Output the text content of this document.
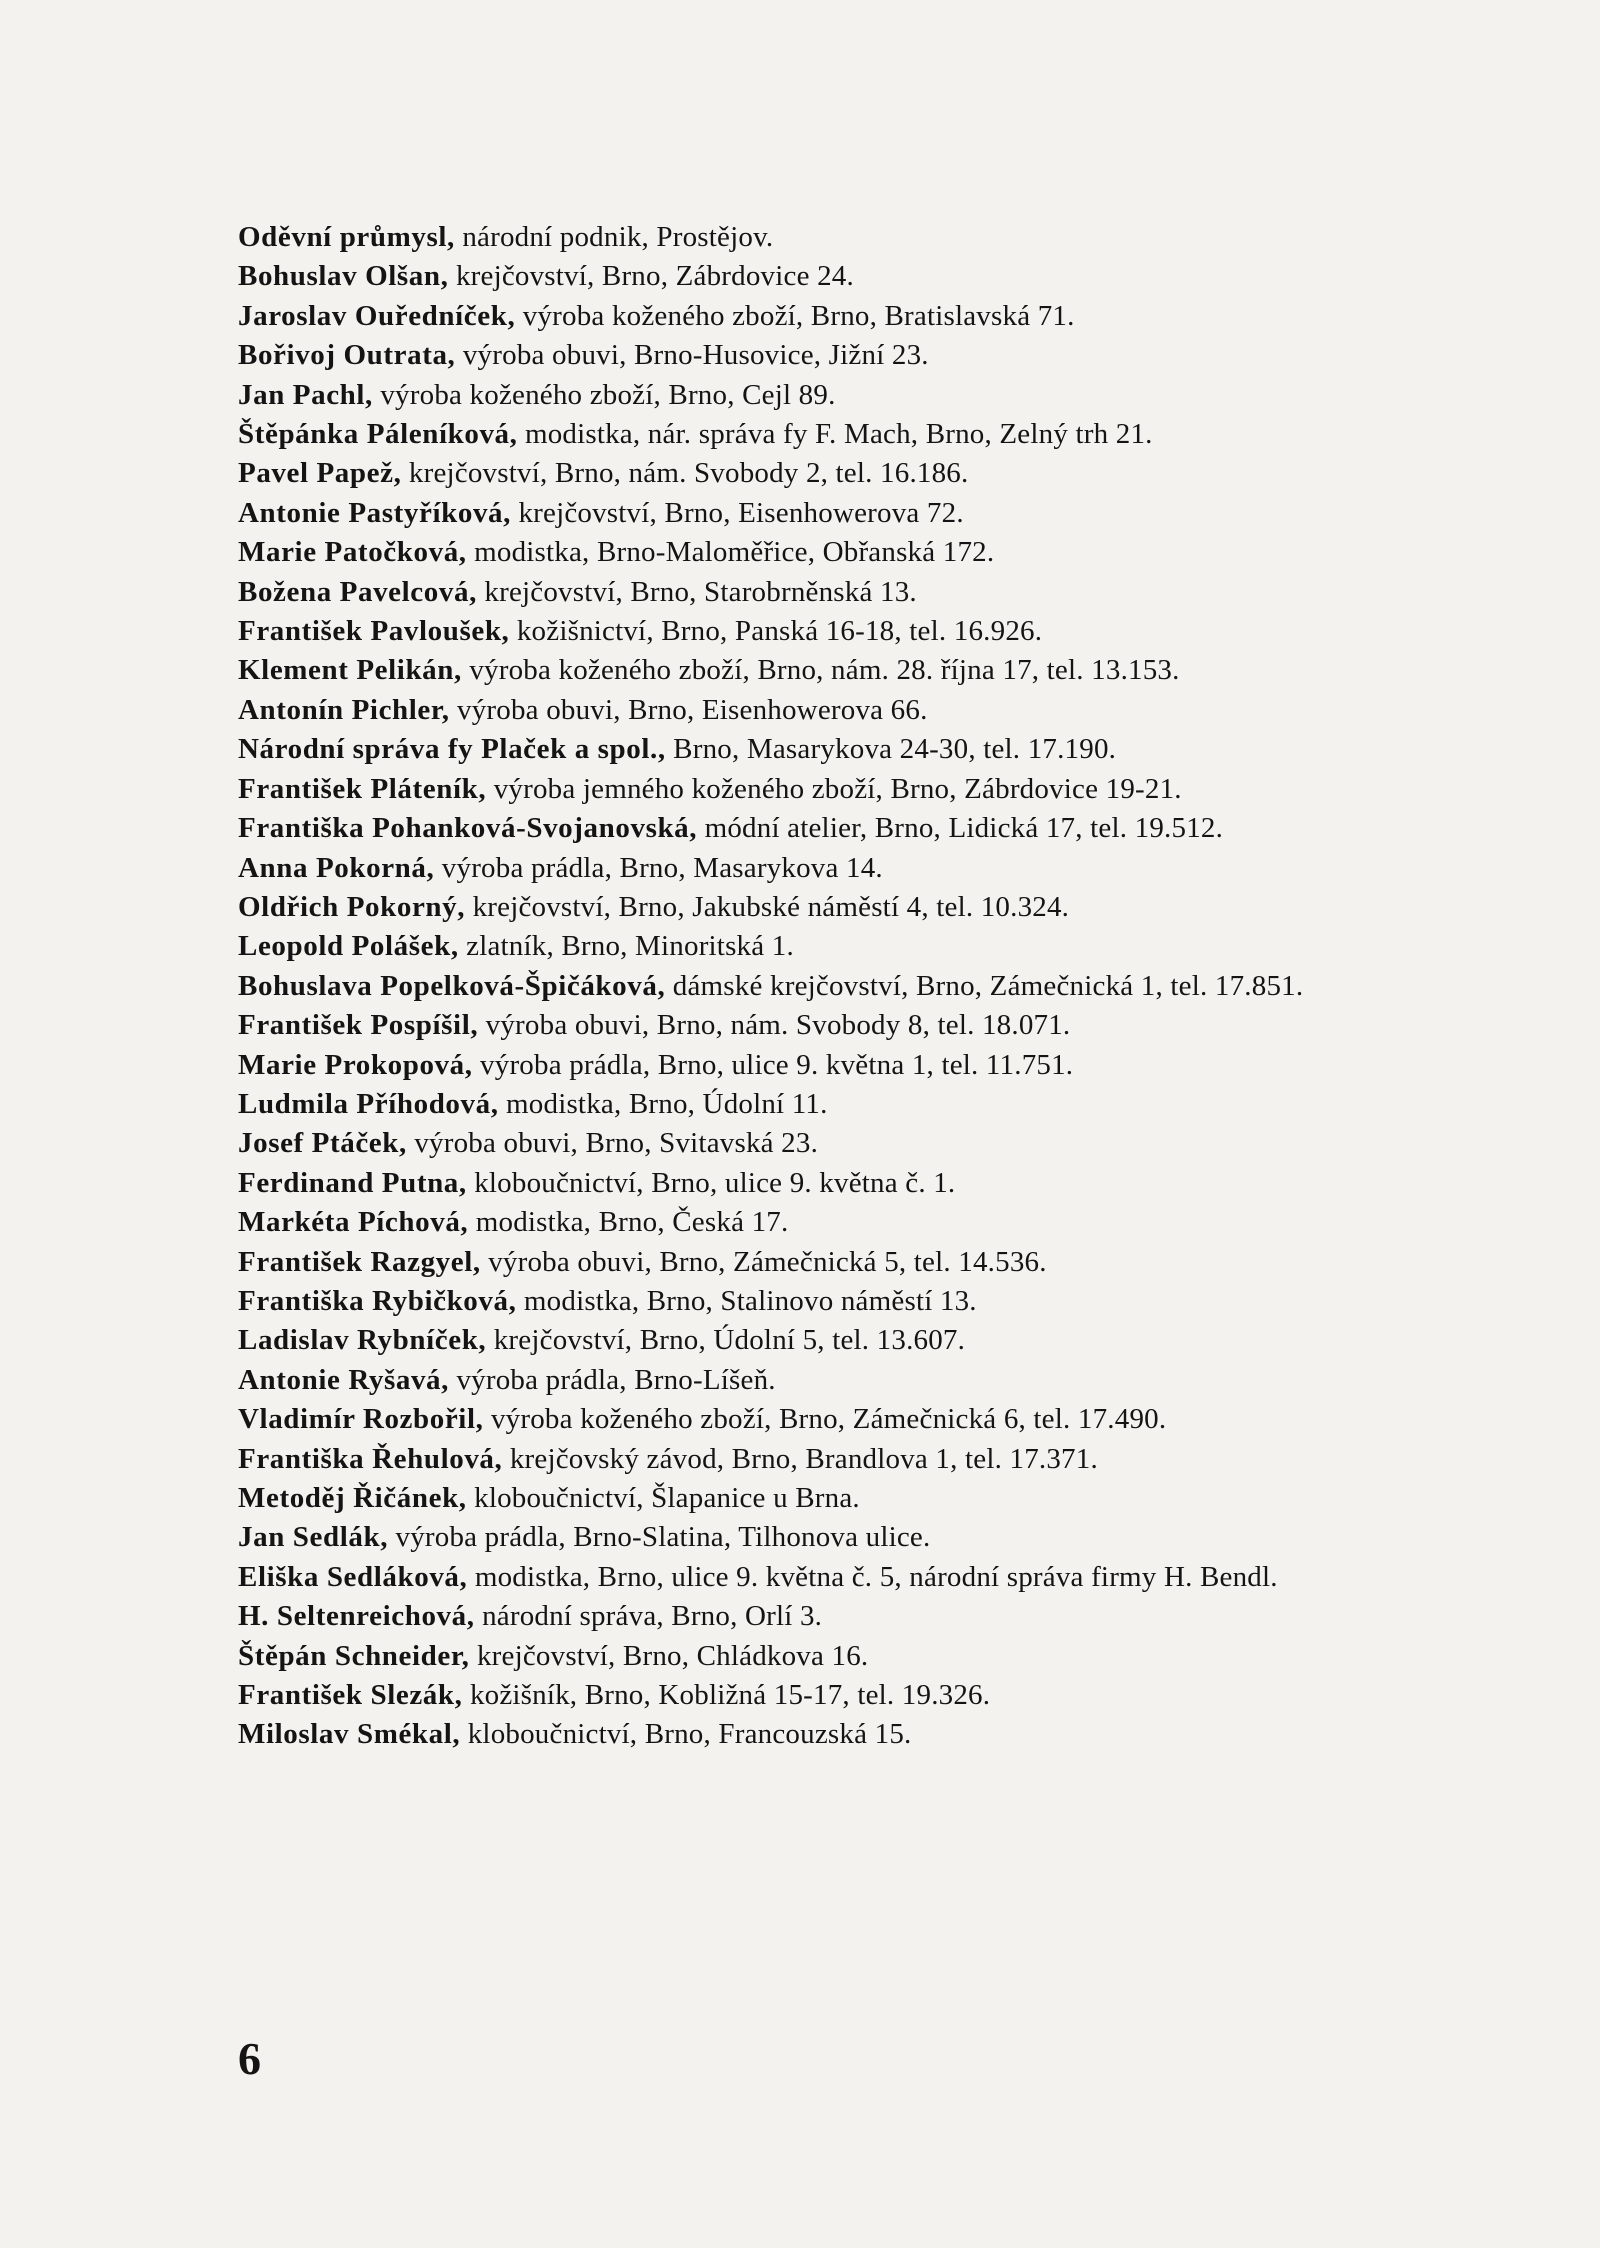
Oděvní průmysl, národní podnik, Prostějov.
Bohuslav Olšan, krejčovství, Brno, Zábrdovice 24.
Jaroslav Ouředníček, výroba koženého zboží, Brno, Bratislavská 71.
Bořivoj Outrata, výroba obuvi, Brno-Husovice, Jižní 23.
Jan Pachl, výroba koženého zboží, Brno, Cejl 89.
Štěpánka Páleníková, modistka, nár. správa fy F. Mach, Brno, Zelný trh 21.
Pavel Papež, krejčovství, Brno, nám. Svobody 2, tel. 16.186.
Antonie Pastyříková, krejčovství, Brno, Eisenhowerova 72.
Marie Patočková, modistka, Brno-Maloměřice, Obřanská 172.
Božena Pavelcová, krejčovství, Brno, Starobrněnská 13.
František Pavloušek, kožišnictví, Brno, Panská 16-18, tel. 16.926.
Klement Pelikán, výroba koženého zboží, Brno, nám. 28. října 17, tel. 13.153.
Antonín Pichler, výroba obuvi, Brno, Eisenhowerova 66.
Národní správa fy Plaček a spol., Brno, Masarykova 24-30, tel. 17.190.
František Pláteník, výroba jemného koženého zboží, Brno, Zábrdovice 19-21.
Františka Pohanková-Svojanovská, módní atelier, Brno, Lidická 17, tel. 19.512.
Anna Pokorná, výroba prádla, Brno, Masarykova 14.
Oldřich Pokorný, krejčovství, Brno, Jakubské náměstí 4, tel. 10.324.
Leopold Polášek, zlatník, Brno, Minoritská 1.
Bohuslava Popelková-Špičáková, dámské krejčovství, Brno, Zámečnická 1, tel. 17.851.
František Pospíšil, výroba obuvi, Brno, nám. Svobody 8, tel. 18.071.
Marie Prokopová, výroba prádla, Brno, ulice 9. května 1, tel. 11.751.
Ludmila Příhodová, modistka, Brno, Údolní 11.
Josef Ptáček, výroba obuvi, Brno, Svitavská 23.
Ferdinand Putna, kloboučnictví, Brno, ulice 9. května č. 1.
Markéta Píchová, modistka, Brno, Česká 17.
František Razgyel, výroba obuvi, Brno, Zámečnická 5, tel. 14.536.
Františka Rybičková, modistka, Brno, Stalinovo náměstí 13.
Ladislav Rybníček, krejčovství, Brno, Údolní 5, tel. 13.607.
Antonie Ryšavá, výroba prádla, Brno-Líšeň.
Vladimír Rozbořil, výroba koženého zboží, Brno, Zámečnická 6, tel. 17.490.
Františka Řehulová, krejčovský závod, Brno, Brandlova 1, tel. 17.371.
Metoděj Řičánek, kloboučnictví, Šlapanice u Brna.
Jan Sedlák, výroba prádla, Brno-Slatina, Tilhonova ulice.
Eliška Sedláková, modistka, Brno, ulice 9. května č. 5, národní správa firmy H. Bendl.
H. Seltenreichová, národní správa, Brno, Orlí 3.
Štěpán Schneider, krejčovství, Brno, Chládkova 16.
František Slezák, kožišník, Brno, Kobližná 15-17, tel. 19.326.
Miloslav Smékal, kloboučnictví, Brno, Francouzská 15.
6
